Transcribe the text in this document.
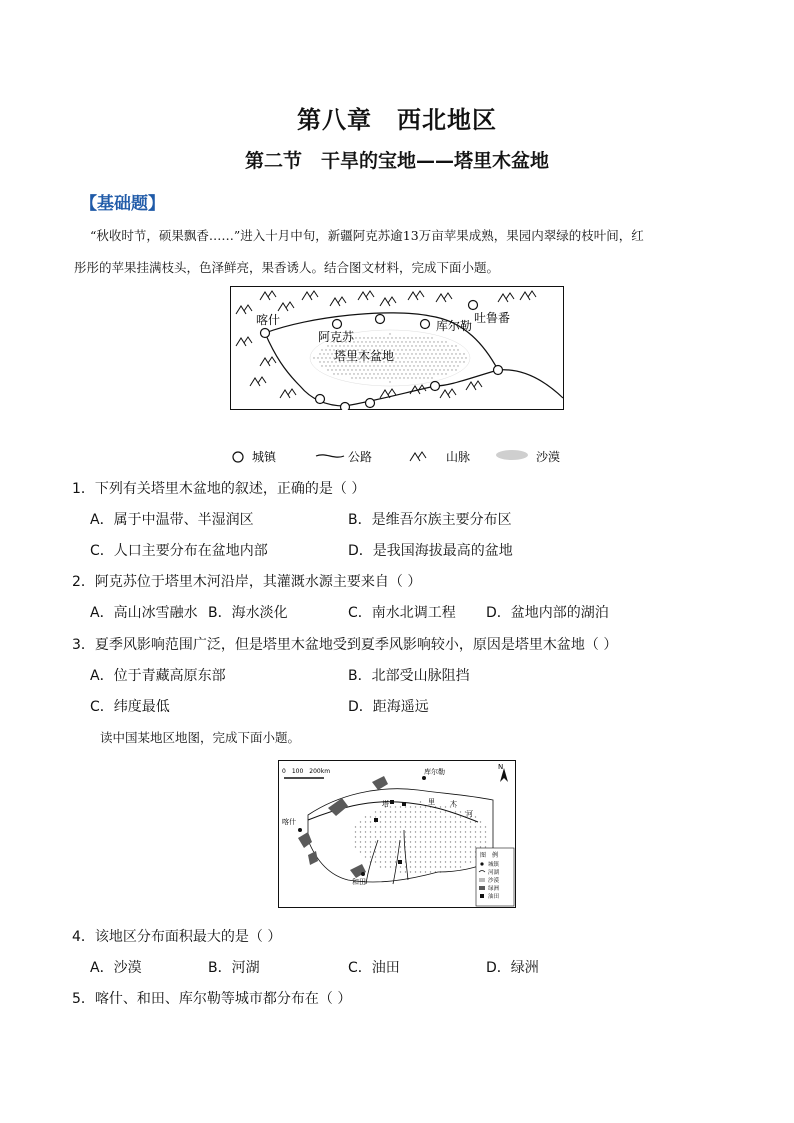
第八章　西北地区
第二节　干旱的宝地——塔里木盆地
【基础题】
“秋收时节，硕果飘香……”进入十月中旬，新疆阿克苏逾13万亩苹果成熟，果园内翠绿的枝叶间，红
彤彤的苹果挂满枝头，色泽鲜亮，果香诱人。结合图文材料，完成下面小题。
喀什
阿克苏
塔里木盆地
库尔勒
吐鲁番
城镇	公路	山脉	沙漠
1．下列有关塔里木盆地的叙述，正确的是（ ）
A．属于中温带、半湿润区	B．是维吾尔族主要分布区
C．人口主要分布在盆地内部	D．是我国海拔最高的盆地
2．阿克苏位于塔里木河沿岸，其灌溉水源主要来自（ ）
A．高山冰雪融水 B．海水淡化	C．南水北调工程 D．盆地内部的湖泊
3．夏季风影响范围广泛，但是塔里木盆地受到夏季风影响较小，原因是塔里木盆地（ ）
A．位于青藏高原东部	B．北部受山脉阻挡
C．纬度最低	D．距海遥远
读中国某地区地图，完成下面小题。
0　100　200km
N
库尔勒
喀什
和田
塔	里 木
河
图　例
城镇
河湖
沙漠
绿洲
油田
4．该地区分布面积最大的是（ ）
A．沙漠	B．河湖	C．油田	D．绿洲
5．喀什、和田、库尔勒等城市都分布在（ ）
